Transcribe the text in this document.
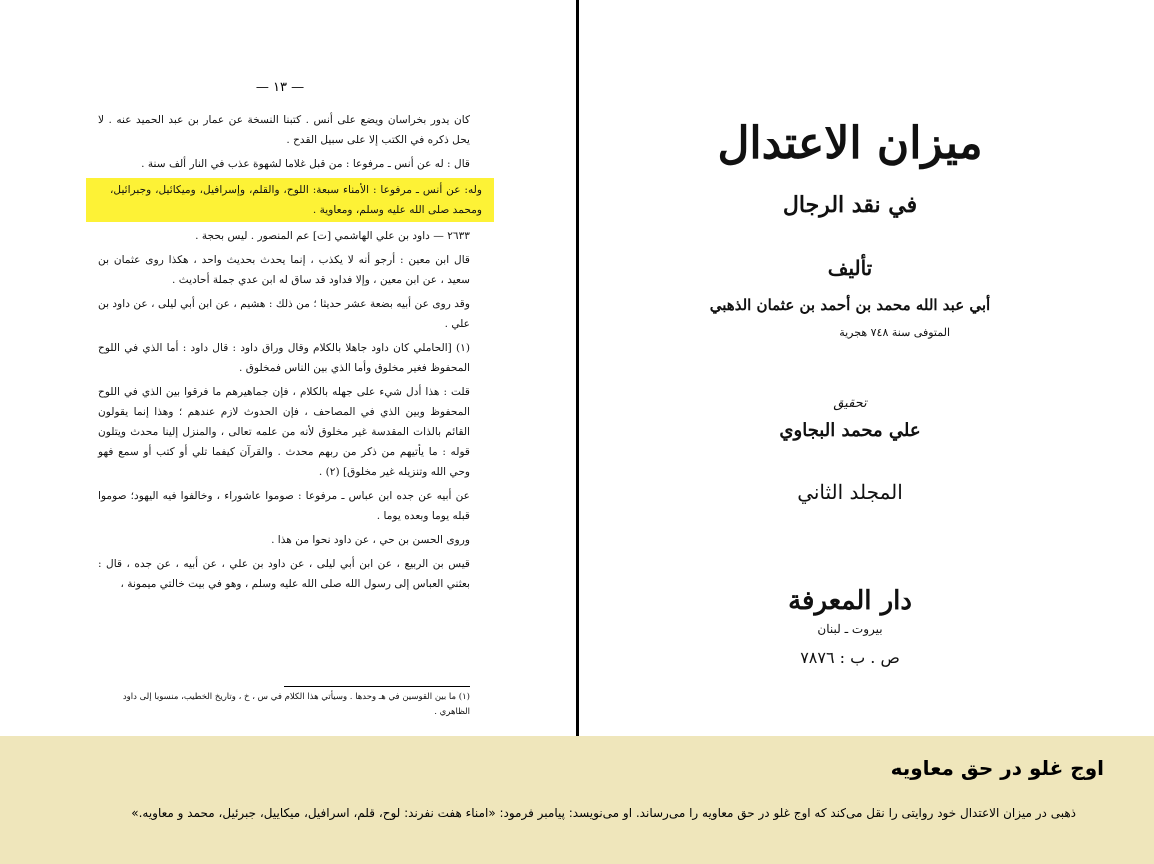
— ١٣ —

كان يدور بخراسان ويضع على أنس . كتبنا النسخة عن عمار بن عبد الحميد عنه . لا يحل ذكره في الكتب إلا على سبيل القدح .

قال : له عن أنس ـ مرفوعا : من قبل غلاما لشهوة عذب في النار ألف سنة .

وله: عن أنس ـ مرفوعا : الأمناء سبعة: اللوح، والقلم، وإسرافيل، وميكائيل، وجبرائيل، ومحمد صلى الله عليه وسلم، ومعاوية .

٢٦٣٣ — داود بن علي الهاشمي [ت] عم المنصور . ليس بحجة .

قال ابن معين : أرجو أنه لا يكذب ، إنما يحدث بحديث واحد ، هكذا روى عثمان بن سعيد ، عن ابن معين ، وإلا فداود قد ساق له ابن عدي جملة أحاديث .

وقد روى عن أبيه بضعة عشر حديثا ؛ من ذلك : هشيم ، عن ابن أبي ليلى ، عن داود بن علي .

(١) [الحاملي كان داود جاهلا بالكلام وقال وراق داود : قال داود : أما الذي في اللوح المحفوظ فغير مخلوق وأما الذي بين الناس فمخلوق .

قلت : هذا أدل شيء على جهله بالكلام ، فإن جماهيرهم ما فرقوا بين الذي في اللوح المحفوظ وبين الذي في المصاحف ، فإن الحدوث لازم عندهم ؛ وهذا إنما يقولون القائم بالذات المقدسة غير مخلوق لأنه من علمه تعالى ، والمنزل إلينا محدث ويتلون قوله : ما يأتيهم من ذكر من ربهم محدث . والقرآن كيفما تلي أو كتب أو سمع فهو وحي الله وتنزيله غير مخلوق] (٢) .

عن أبيه عن جده ابن عباس ـ مرفوعا : صوموا عاشوراء ، وخالفوا فيه اليهود؛ صوموا قبله يوما وبعده يوما .

وروى الحسن بن حي ، عن داود نحوا من هذا .

قيس بن الربيع ، عن ابن أبي ليلى ، عن داود بن علي ، عن أبيه ، عن جده ، قال : بعثني العباس إلى رسول الله صلى الله عليه وسلم ، وهو في بيت خالتي ميمونة ،

(١) ما بين القوسين في هـ وحدها . وسيأتي هذا الكلام في س ، خ ، وتاريخ الخطيب، منسوبا إلى داود الظاهري .
ميزان الاعتدال
في نقد الرجال
تأليف
أبي عبد الله محمد بن أحمد بن عثمان الذهبي
المتوفى سنة ٧٤٨ هجرية
تحقيق
علي محمد البجاوي
المجلد الثاني
دار المعرفة
بيروت ـ لبنان
ص . ب : ٧٨٧٦
اوج غلو در حق معاویه
ذهبی در میزان الاعتدال خود روایتی را نقل می‌کند که اوج غلو در حق معاویه را می‌رساند. او می‌نویسد: پیامبر فرمود: «امناء هفت نفرند: لوح، قلم، اسرافیل، میکاییل، جبرئیل، محمد و معاویه.»
